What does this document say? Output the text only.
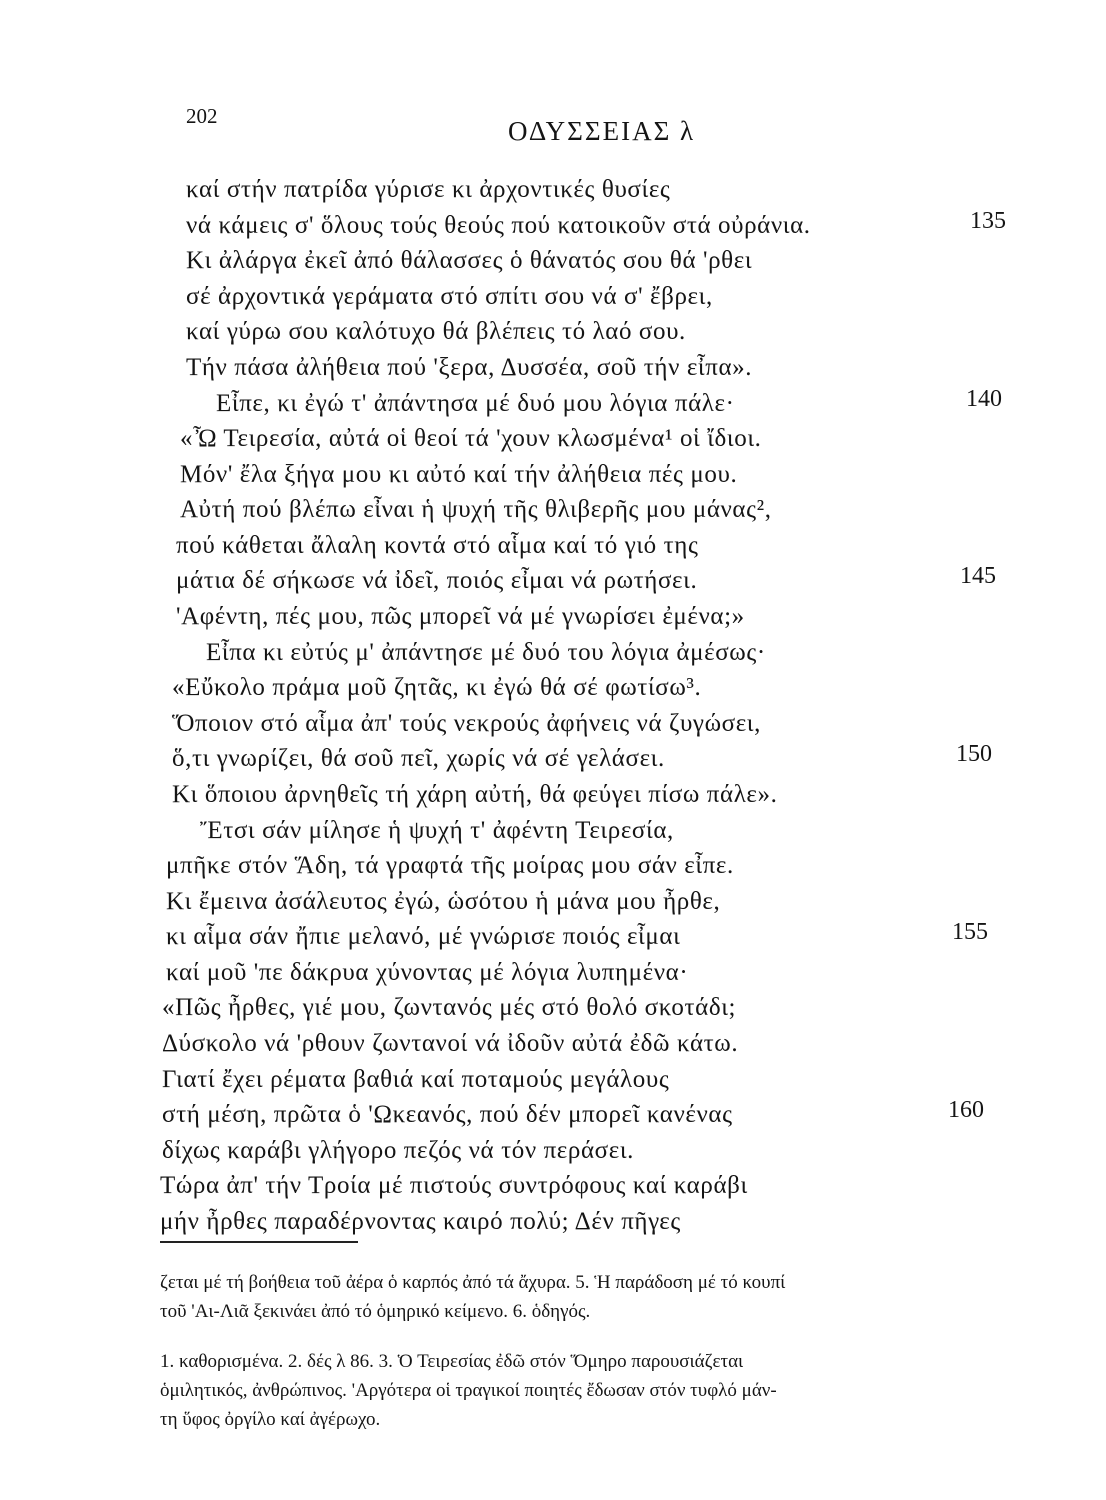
202	ΟΔΥΣΣΕΙΑΣ λ
καί στήν πατρίδα γύρισε κι ἀρχοντικές θυσίες
νά κάμεις σ' ὅλους τούς θεούς πού κατοικοῦν στά οὐράνια.
Κι ἀλάργα ἐκεῖ ἀπό θάλασσες ὁ θάνατός σου θά 'ρθει
σέ ἀρχοντικά γεράματα στό σπίτι σου νά σ' ἔβρει,
καί γύρω σου καλότυχο θά βλέπεις τό λαό σου.
Τήν πάσα ἀλήθεια πού 'ξερα, Δυσσέα, σοῦ τήν εἶπα».
Εἶπε, κι ἐγώ τ' ἀπάντησα μέ δυό μου λόγια πάλε·
«Ὦ Τειρεσία, αὐτά οἱ θεοί τά 'χουν κλωσμένα¹ οἱ ἴδιοι.
Μόν' ἔλα ξήγα μου κι αὐτό καί τήν ἀλήθεια πές μου.
Αὐτή πού βλέπω εἶναι ἡ ψυχή τῆς θλιβερῆς μου μάνας²,
πού κάθεται ἄλαλη κοντά στό αἷμα καί τό γιό της
μάτια δέ σήκωσε νά ἰδεῖ, ποιός εἶμαι νά ρωτήσει.
'Αφέντη, πές μου, πῶς μπορεῖ νά μέ γνωρίσει ἐμένα;»
Εἶπα κι εὐτύς μ' ἀπάντησε μέ δυό του λόγια ἀμέσως·
«Εὔκολο πράμα μοῦ ζητᾶς, κι ἐγώ θά σέ φωτίσω³.
Ὅποιον στό αἷμα ἀπ' τούς νεκρούς ἀφήνεις νά ζυγώσει,
ὅ,τι γνωρίζει, θά σοῦ πεῖ, χωρίς νά σέ γελάσει.
Κι ὅποιου ἀρνηθεῖς τή χάρη αὐτή, θά φεύγει πίσω πάλε».
Ἔτσι σάν μίλησε ἡ ψυχή τ' ἀφέντη Τειρεσία,
μπῆκε στόν Ἅδη, τά γραφτά τῆς μοίρας μου σάν εἶπε.
Κι ἔμεινα ἀσάλευτος ἐγώ, ὡσότου ἡ μάνα μου ἦρθε,
κι αἷμα σάν ἤπιε μελανό, μέ γνώρισε ποιός εἶμαι
καί μοῦ 'πε δάκρυα χύνοντας μέ λόγια λυπημένα·
«Πῶς ἦρθες, γιέ μου, ζωντανός μές στό θολό σκοτάδι;
Δύσκολο νά 'ρθουν ζωντανοί νά ἰδοῦν αὐτά ἐδῶ κάτω.
Γιατί ἔχει ρέματα βαθιά καί ποταμούς μεγάλους
στή μέση, πρῶτα ὁ 'Ωκεανός, πού δέν μπορεῖ κανένας
δίχως καράβι γλήγορο πεζός νά τόν περάσει.
Τώρα ἀπ' τήν Τροία μέ πιστούς συντρόφους καί καράβι
μήν ἦρθες παραδέρνοντας καιρό πολύ; Δέν πῆγες
135
140
145
150
155
160
ζεται μέ τή βοήθεια τοῦ ἀέρα ὁ καρπός ἀπό τά ἄχυρα. 5. Ἡ παράδοση μέ τό κουπί
τοῦ 'Αι-Λιᾶ ξεκινάει ἀπό τό ὁμηρικό κείμενο. 6. ὁδηγός.
1. καθορισμένα. 2. δές λ 86. 3. Ὁ Τειρεσίας ἐδῶ στόν Ὅμηρο παρουσιάζεται
ὁμιλητικός, ἀνθρώπινος. 'Αργότερα οἱ τραγικοί ποιητές ἔδωσαν στόν τυφλό μάν-
τη ὕφος ὀργίλο καί ἀγέρωχο.
